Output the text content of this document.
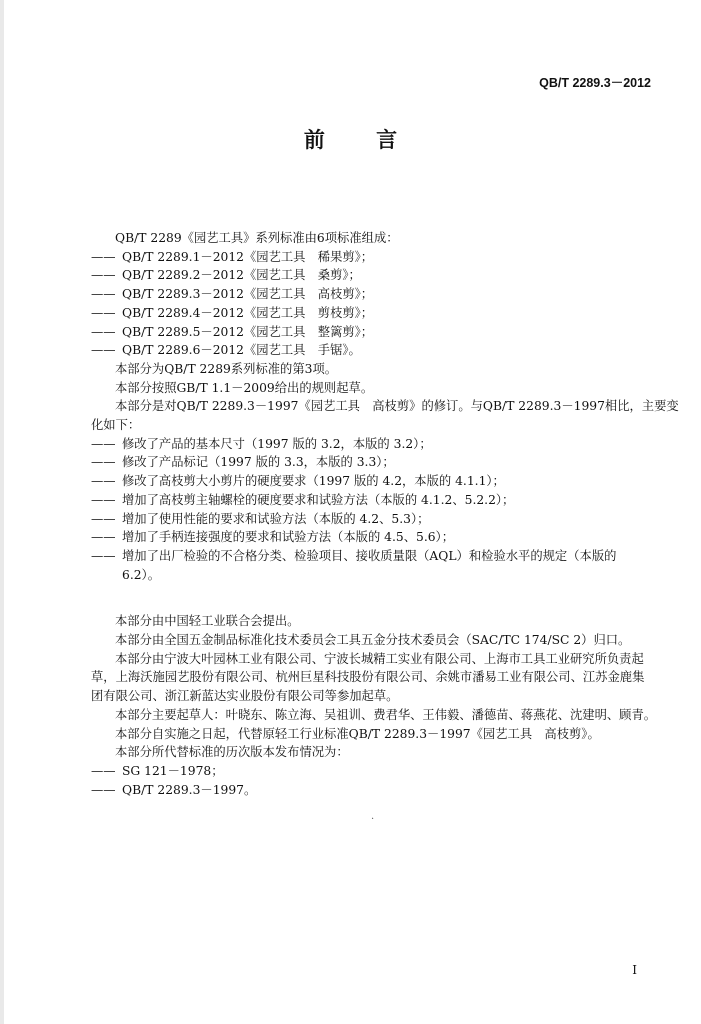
QB/T 2289.3－2012
前 言
QB/T 2289《园艺工具》系列标准由6项标准组成：
—— QB/T 2289.1－2012《园艺工具　稀果剪》；
—— QB/T 2289.2－2012《园艺工具　桑剪》；
—— QB/T 2289.3－2012《园艺工具　高枝剪》；
—— QB/T 2289.4－2012《园艺工具　剪枝剪》；
—— QB/T 2289.5－2012《园艺工具　整篱剪》；
—— QB/T 2289.6－2012《园艺工具　手锯》。
本部分为QB/T 2289系列标准的第3项。
本部分按照GB/T 1.1－2009给出的规则起草。
本部分是对QB/T 2289.3－1997《园艺工具　高枝剪》的修订。与QB/T 2289.3－1997相比，主要变
化如下：
—— 修改了产品的基本尺寸（1997 版的 3.2，本版的 3.2）；
—— 修改了产品标记（1997 版的 3.3，本版的 3.3）；
—— 修改了高枝剪大小剪片的硬度要求（1997 版的 4.2，本版的 4.1.1）；
—— 增加了高枝剪主轴螺栓的硬度要求和试验方法（本版的 4.1.2、5.2.2）；
—— 增加了使用性能的要求和试验方法（本版的 4.2、5.3）；
—— 增加了手柄连接强度的要求和试验方法（本版的 4.5、5.6）；
—— 增加了出厂检验的不合格分类、检验项目、接收质量限（AQL）和检验水平的规定（本版的
6.2）。
本部分由中国轻工业联合会提出。
本部分由全国五金制品标准化技术委员会工具五金分技术委员会（SAC/TC 174/SC 2）归口。
本部分由宁波大叶园林工业有限公司、宁波长城精工实业有限公司、上海市工具工业研究所负责起
草，上海沃施园艺股份有限公司、杭州巨星科技股份有限公司、余姚市潘易工业有限公司、江苏金鹿集
团有限公司、浙江新蓝达实业股份有限公司等参加起草。
本部分主要起草人：叶晓东、陈立海、吴祖训、费君华、王伟毅、潘德苗、蒋燕花、沈建明、顾青。
本部分自实施之日起，代替原轻工行业标准QB/T 2289.3－1997《园艺工具　高枝剪》。
本部分所代替标准的历次版本发布情况为：
—— SG 121－1978；
—— QB/T 2289.3－1997。
·
I
